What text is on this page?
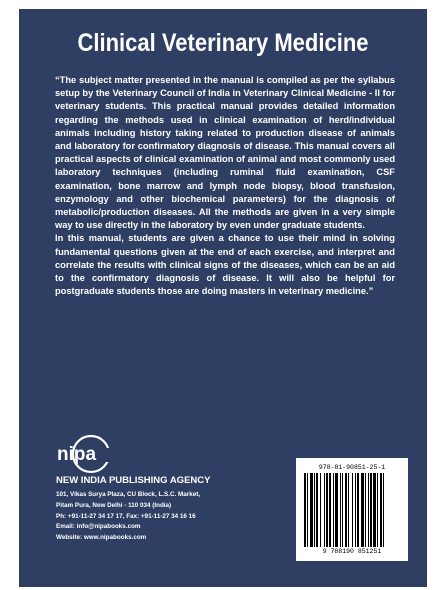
Clinical Veterinary Medicine

“The subject matter presented in the manual is compiled as per the syllabus setup by the Veterinary Council of India in Veterinary Clinical Medicine - II for veterinary students. This practical manual provides detailed information regarding the methods used in clinical examination of herd/individual animals including history taking related to production disease of animals and laboratory for confirmatory diagnosis of disease. This manual covers all practical aspects of clinical examination of animal and most commonly used laboratory techniques (including ruminal fluid examination, CSF examination, bone marrow and lymph node biopsy, blood transfusion, enzymology and other biochemical parameters) for the diagnosis of metabolic/production diseases. All the methods are given in a very simple way to use directly in the laboratory by even under graduate students.

In this manual, students are given a chance to use their mind in solving fundamental questions given at the end of each exercise, and interpret and correlate the results with clinical signs of the diseases, which can be an aid to the confirmatory diagnosis of disease. It will also be helpful for postgraduate students those are doing masters in veterinary medicine.”

nipa
NEW INDIA PUBLISHING AGENCY
101, Vikas Surya Plaza, CU Block, L.S.C. Market,
Pitam Pura, New Delhi - 110 034 (India)
Ph: +91-11-27 34 17 17, Fax: +91-11-27 34 16 16
Email: info@nipabooks.com
Website: www.nipabooks.com
978-81-90851-25-1
9 788190 851251
